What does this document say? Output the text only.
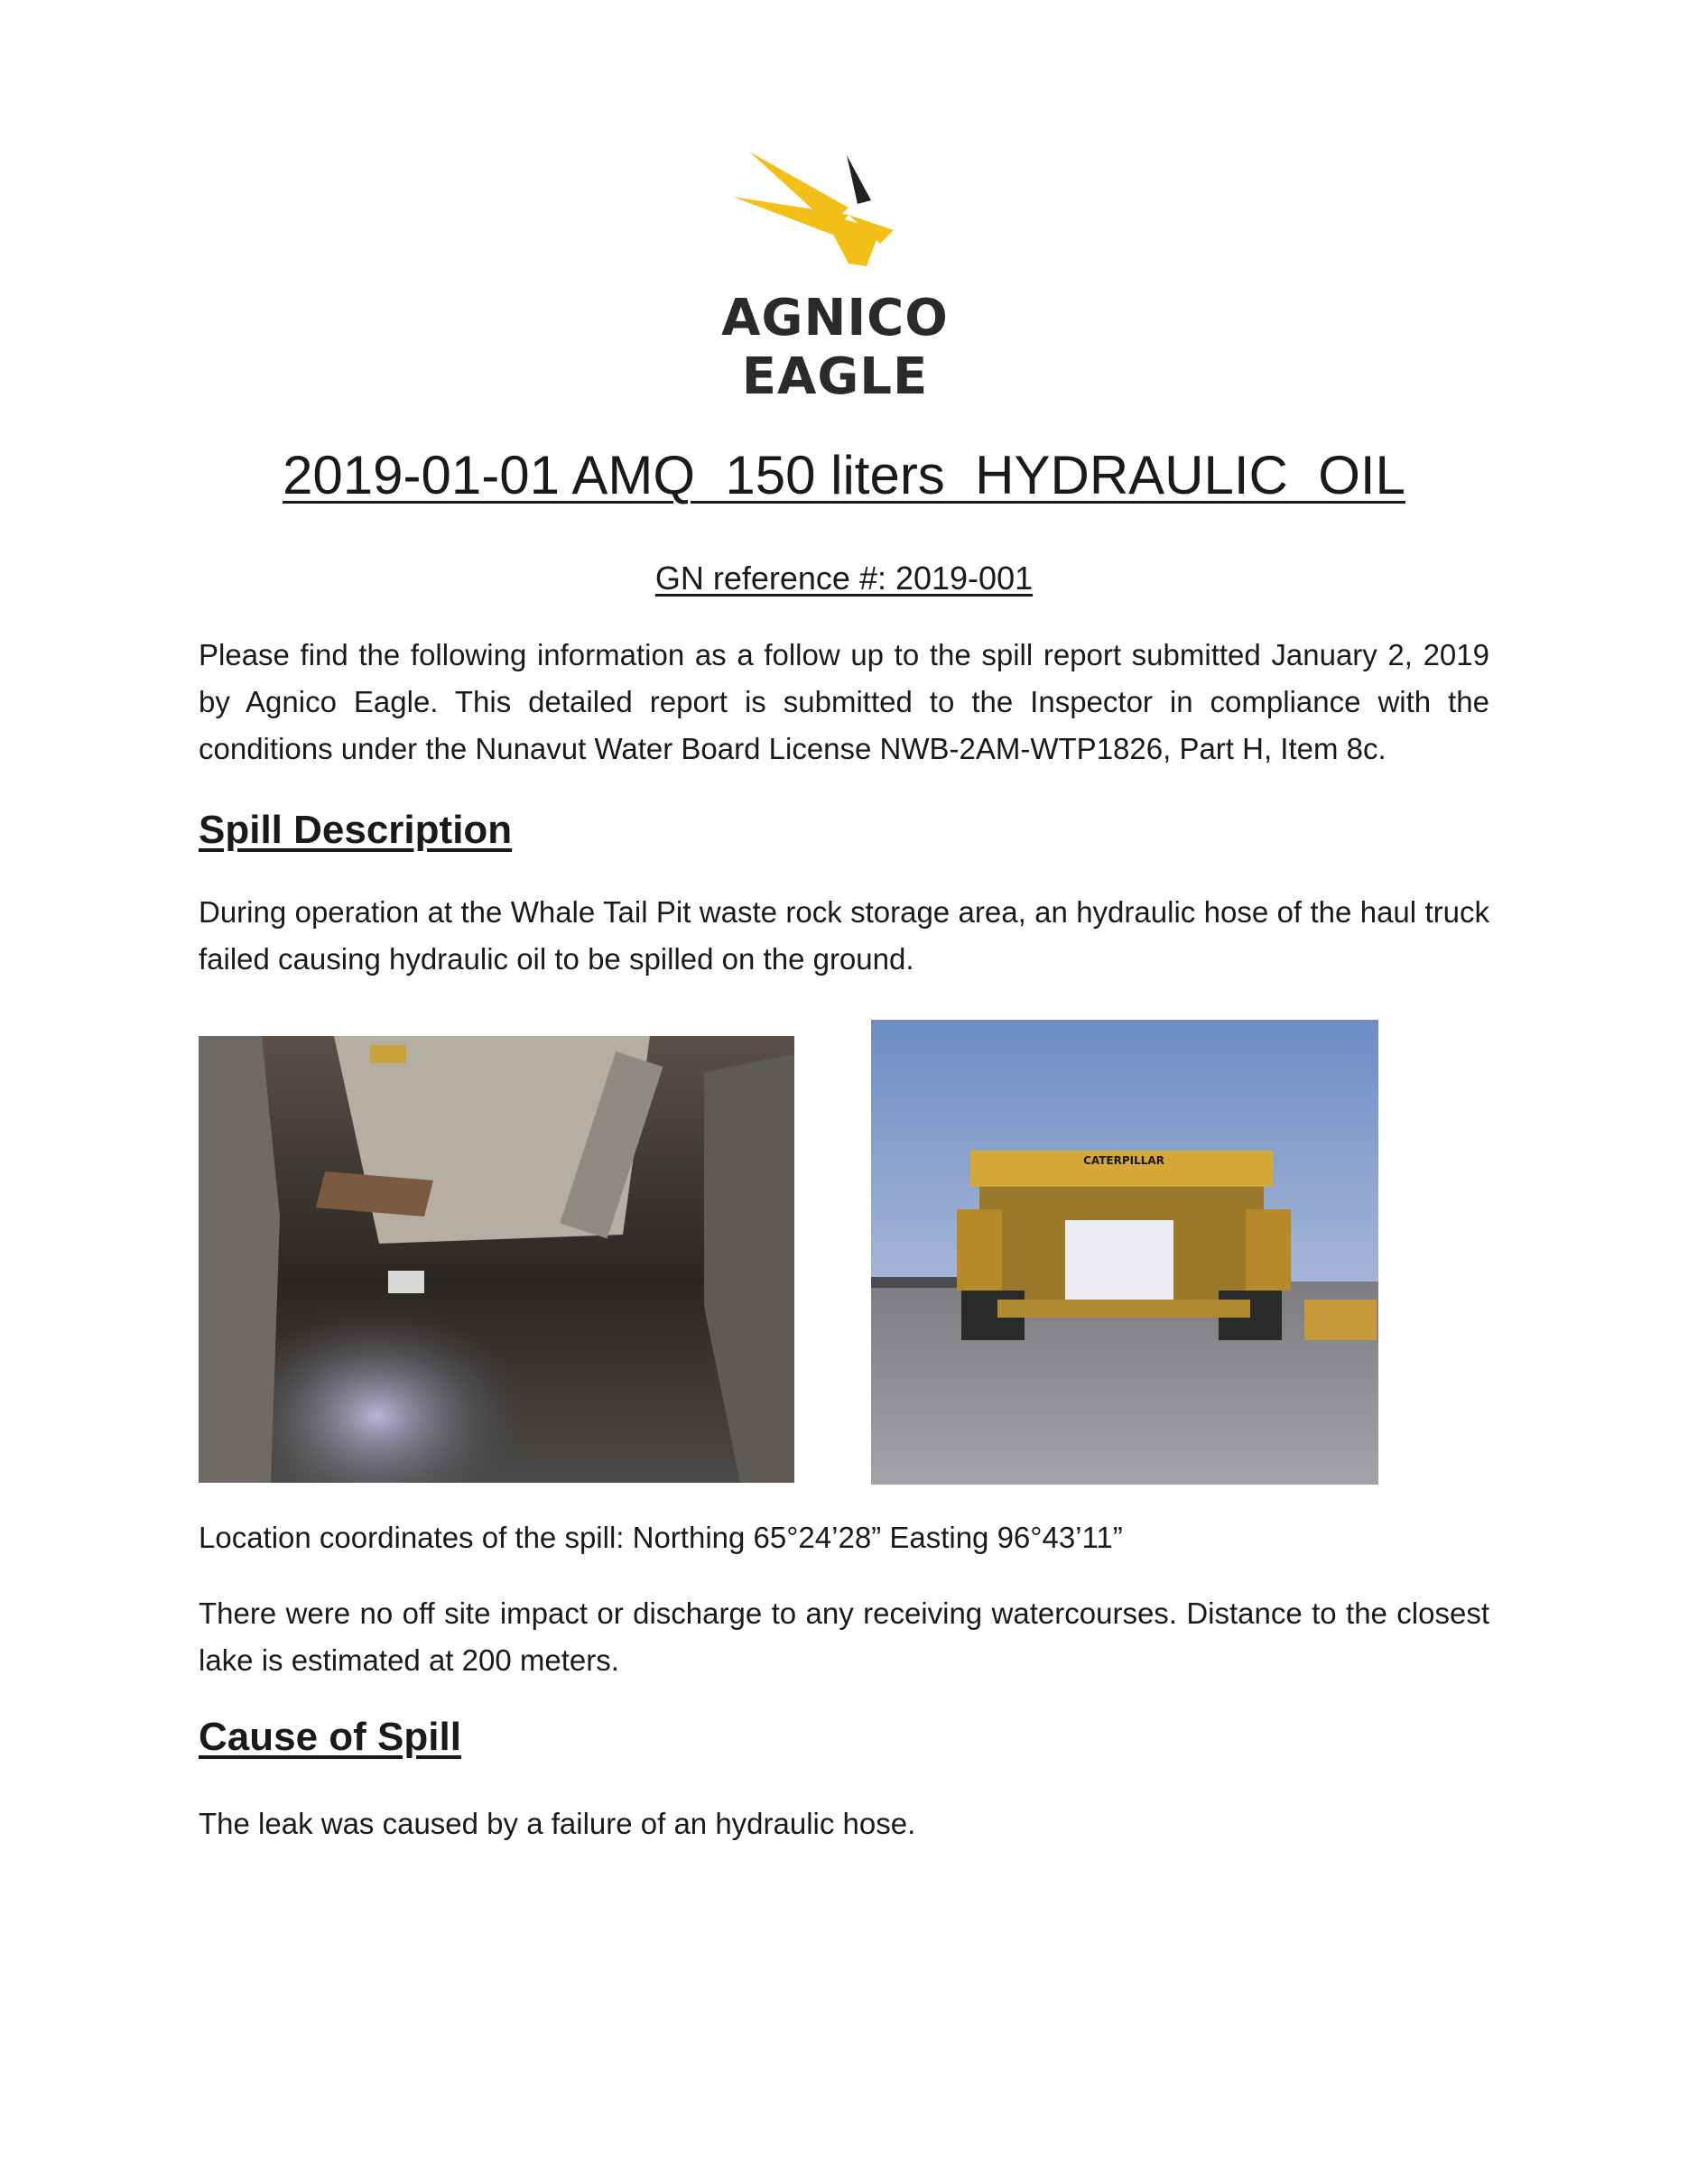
AGNICO EAGLE
2019-01-01 AMQ  150 liters  HYDRAULIC  OIL
GN reference #: 2019-001

Please find the following information as a follow up to the spill report submitted January 2, 2019 by Agnico Eagle. This detailed report is submitted to the Inspector in compliance with the conditions under the Nunavut Water Board License NWB-2AM-WTP1826, Part H, Item 8c.

Spill Description

During operation at the Whale Tail Pit waste rock storage area, an hydraulic hose of the haul truck failed causing hydraulic oil to be spilled on the ground.

CATERPILLAR

Location coordinates of the spill: Northing 65°24’28” Easting 96°43’11”

There were no off site impact or discharge to any receiving watercourses. Distance to the closest lake is estimated at 200 meters.

Cause of Spill

The leak was caused by a failure of an hydraulic hose.
